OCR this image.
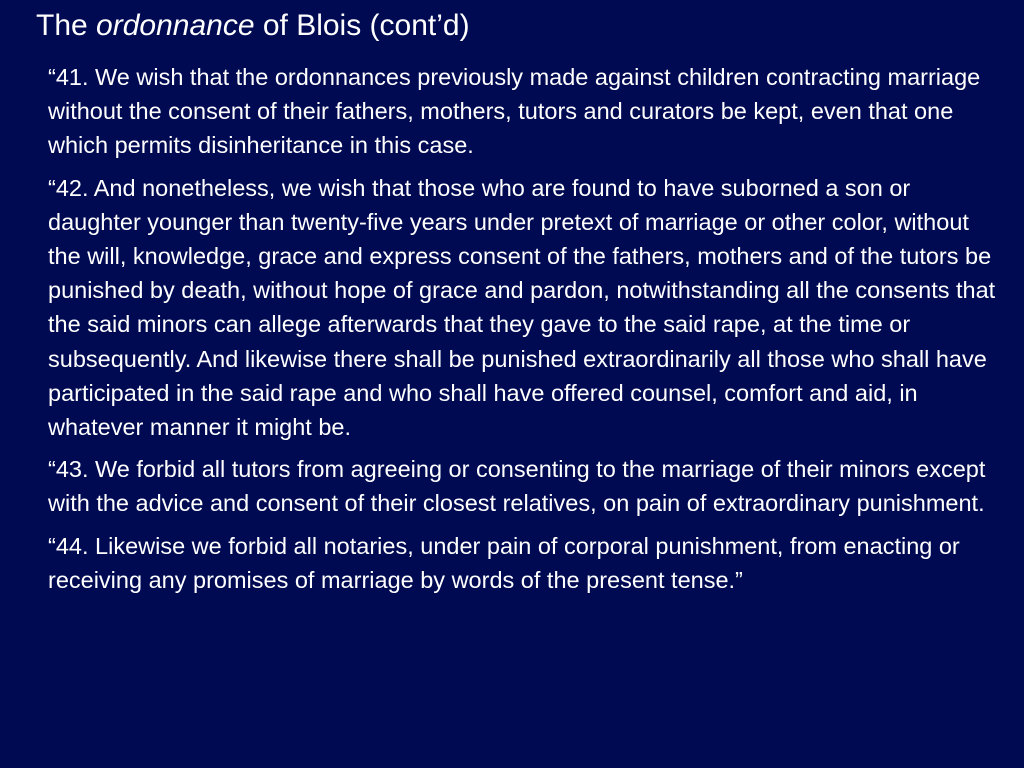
The ordonnance of Blois (cont’d)

“41. We wish that the ordonnances previously made against children contracting marriage without the consent of their fathers, mothers, tutors and curators be kept, even that one which permits disinheritance in this case.

“42. And nonetheless, we wish that those who are found to have suborned a son or daughter younger than twenty-five years under pretext of marriage or other color, without the will, knowledge, grace and express consent of the fathers, mothers and of the tutors be punished by death, without hope of grace and pardon, notwithstanding all the consents that the said minors can allege afterwards that they gave to the said rape, at the time or subsequently. And likewise there shall be punished extraordinarily all those who shall have participated in the said rape and who shall have offered counsel, comfort and aid, in whatever manner it might be.

“43. We forbid all tutors from agreeing or consenting to the marriage of their minors except with the advice and consent of their closest relatives, on pain of extraordinary punishment.

“44. Likewise we forbid all notaries, under pain of corporal punishment, from enacting or receiving any promises of marriage by words of the present tense.”
